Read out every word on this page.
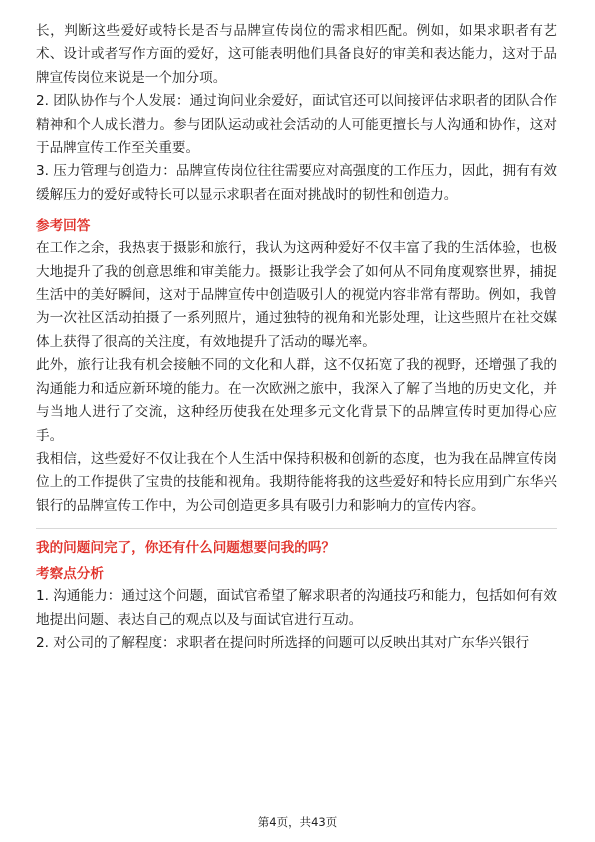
长，判断这些爱好或特长是否与品牌宣传岗位的需求相匹配。例如，如果求职者有艺术、设计或者写作方面的爱好，这可能表明他们具备良好的审美和表达能力，这对于品牌宣传岗位来说是一个加分项。

2. 团队协作与个人发展：通过询问业余爱好，面试官还可以间接评估求职者的团队合作精神和个人成长潜力。参与团队运动或社会活动的人可能更擅长与人沟通和协作，这对于品牌宣传工作至关重要。

3. 压力管理与创造力：品牌宣传岗位往往需要应对高强度的工作压力，因此，拥有有效缓解压力的爱好或特长可以显示求职者在面对挑战时的韧性和创造力。

参考回答

在工作之余，我热衷于摄影和旅行，我认为这两种爱好不仅丰富了我的生活体验，也极大地提升了我的创意思维和审美能力。摄影让我学会了如何从不同角度观察世界，捕捉生活中的美好瞬间，这对于品牌宣传中创造吸引人的视觉内容非常有帮助。例如，我曾为一次社区活动拍摄了一系列照片，通过独特的视角和光影处理，让这些照片在社交媒体上获得了很高的关注度，有效地提升了活动的曝光率。

此外，旅行让我有机会接触不同的文化和人群，这不仅拓宽了我的视野，还增强了我的沟通能力和适应新环境的能力。在一次欧洲之旅中，我深入了解了当地的历史文化，并与当地人进行了交流，这种经历使我在处理多元文化背景下的品牌宣传时更加得心应手。

我相信，这些爱好不仅让我在个人生活中保持积极和创新的态度，也为我在品牌宣传岗位上的工作提供了宝贵的技能和视角。我期待能将我的这些爱好和特长应用到广东华兴银行的品牌宣传工作中，为公司创造更多具有吸引力和影响力的宣传内容。

我的问题问完了，你还有什么问题想要问我的吗？
考察点分析

1. 沟通能力：通过这个问题，面试官希望了解求职者的沟通技巧和能力，包括如何有效地提出问题、表达自己的观点以及与面试官进行互动。

2. 对公司的了解程度：求职者在提问时所选择的问题可以反映出其对广东华兴银行

第4页，共43页
